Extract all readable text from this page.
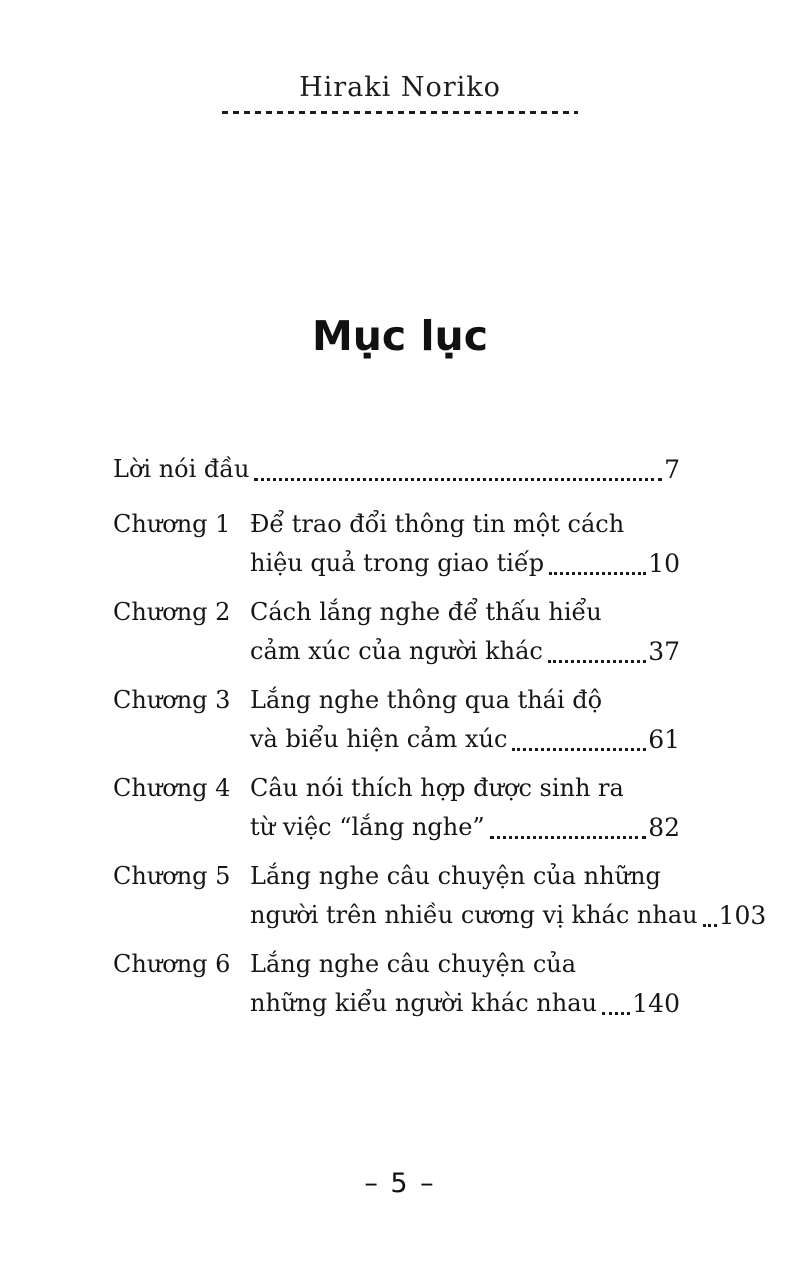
Hiraki Noriko
Mục lục
Lời nói đầu	7
Chương 1 Để trao đổi thông tin một cách
hiệu quả trong giao tiếp	10
Chương 2 Cách lắng nghe để thấu hiểu
cảm xúc của người khác	37
Chương 3 Lắng nghe thông qua thái độ
và biểu hiện cảm xúc	61
Chương 4 Câu nói thích hợp được sinh ra
từ việc “lắng nghe”	82
Chương 5 Lắng nghe câu chuyện của những
người trên nhiều cương vị khác nhau 103
Chương 6 Lắng nghe câu chuyện của
những kiểu người khác nhau 140
– 5 –
